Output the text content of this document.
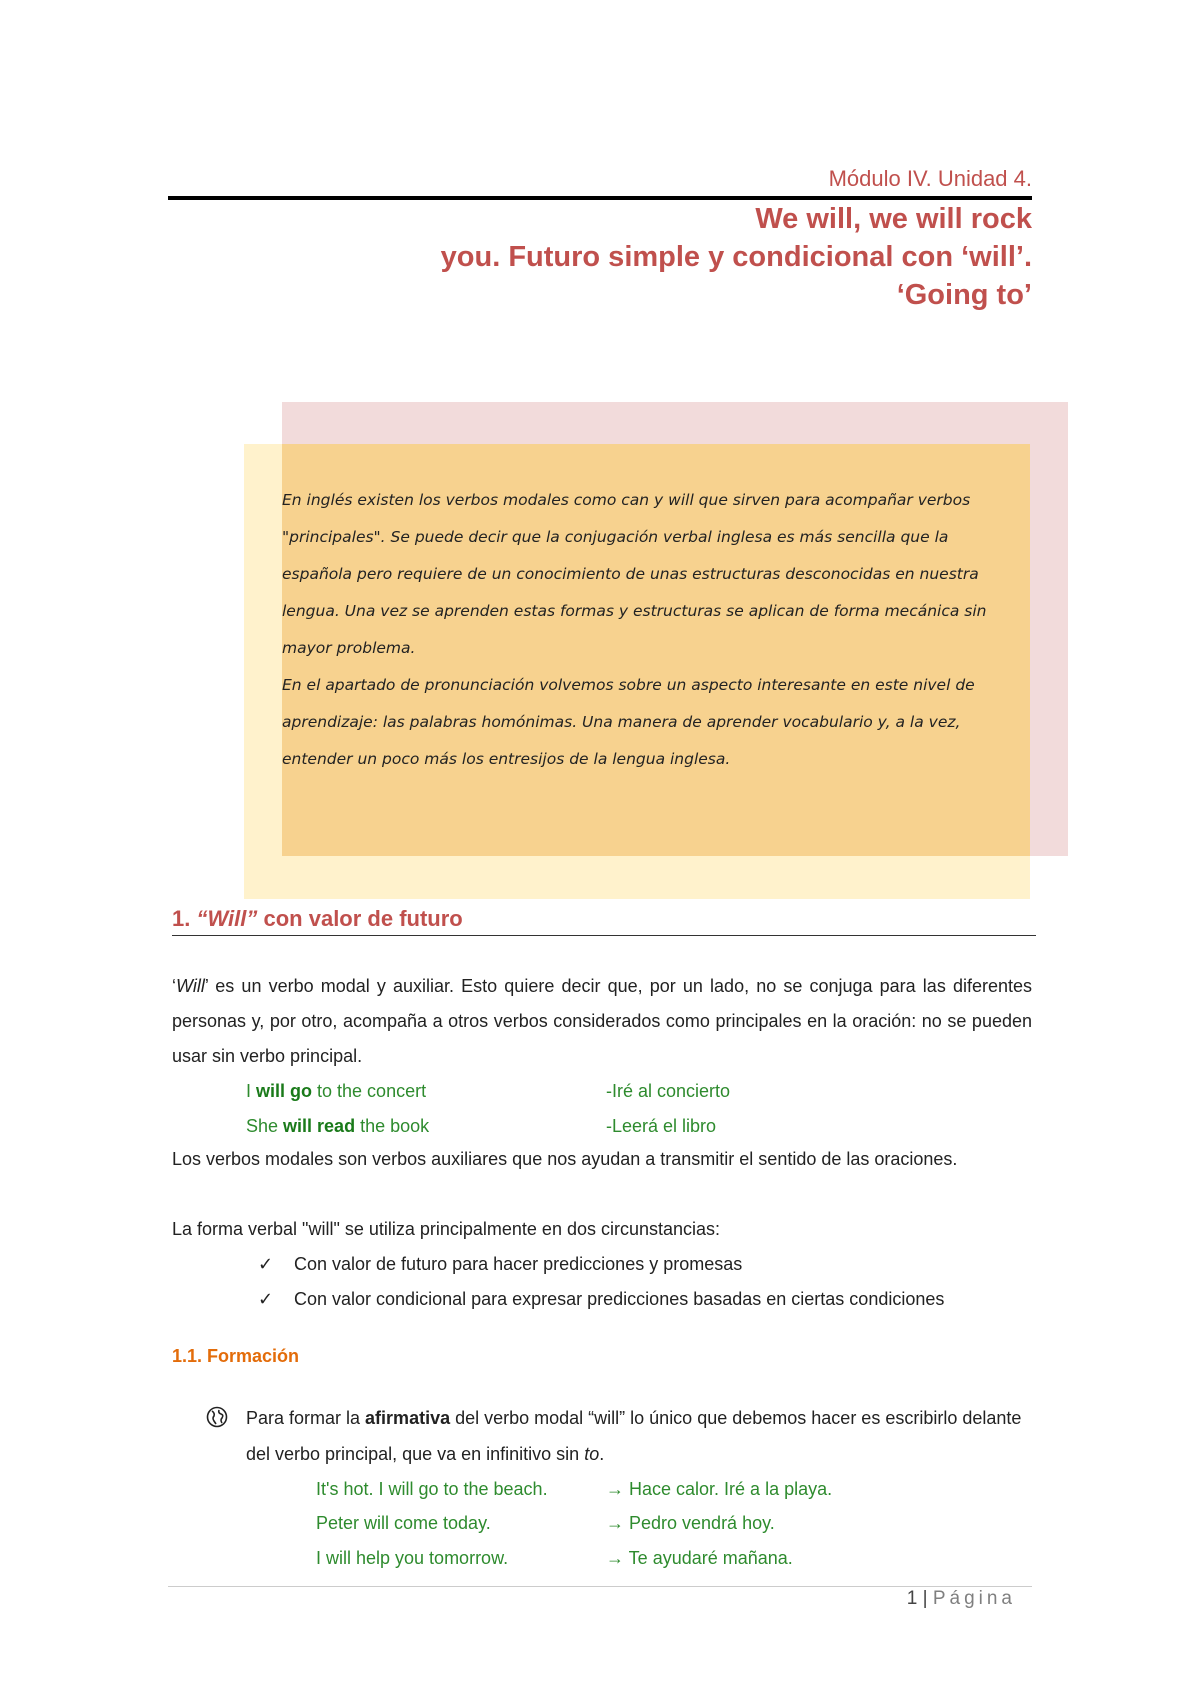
Módulo IV. Unidad 4.
We will, we will rock
you. Futuro simple y condicional con ‘will’.
‘Going to’

En inglés existen los verbos modales como can y will que sirven para acompañar verbos "principales". Se puede decir que la conjugación verbal inglesa es más sencilla que la española pero requiere de un conocimiento de unas estructuras desconocidas en nuestra lengua. Una vez se aprenden estas formas y estructuras se aplican de forma mecánica sin mayor problema.

En el apartado de pronunciación volvemos sobre un aspecto interesante en este nivel de aprendizaje: las palabras homónimas. Una manera de aprender vocabulario y, a la vez, entender un poco más los entresijos de la lengua inglesa.

1. “Will” con valor de futuro
‘Will’ es un verbo modal y auxiliar. Esto quiere decir que, por un lado, no se conjuga para las diferentes personas y, por otro, acompaña a otros verbos considerados como principales en la oración: no se pueden usar sin verbo principal.
I will go to the concert	-Iré al concierto
She will read the book	-Leerá el libro
Los verbos modales son verbos auxiliares que nos ayudan a transmitir el sentido de las oraciones.
La forma verbal "will" se utiliza principalmente en dos circunstancias:
✓ Con valor de futuro para hacer predicciones y promesas
✓ Con valor condicional para expresar predicciones basadas en ciertas condiciones
1.1. Formación
Para formar la afirmativa del verbo modal “will” lo único que debemos hacer es escribirlo delante del verbo principal, que va en infinitivo sin to.
It's hot. I will go to the beach.	→ Hace calor. Iré a la playa.
Peter will come today.	→ Pedro vendrá hoy.
I will help you tomorrow.	→ Te ayudaré mañana.
1 | Página
